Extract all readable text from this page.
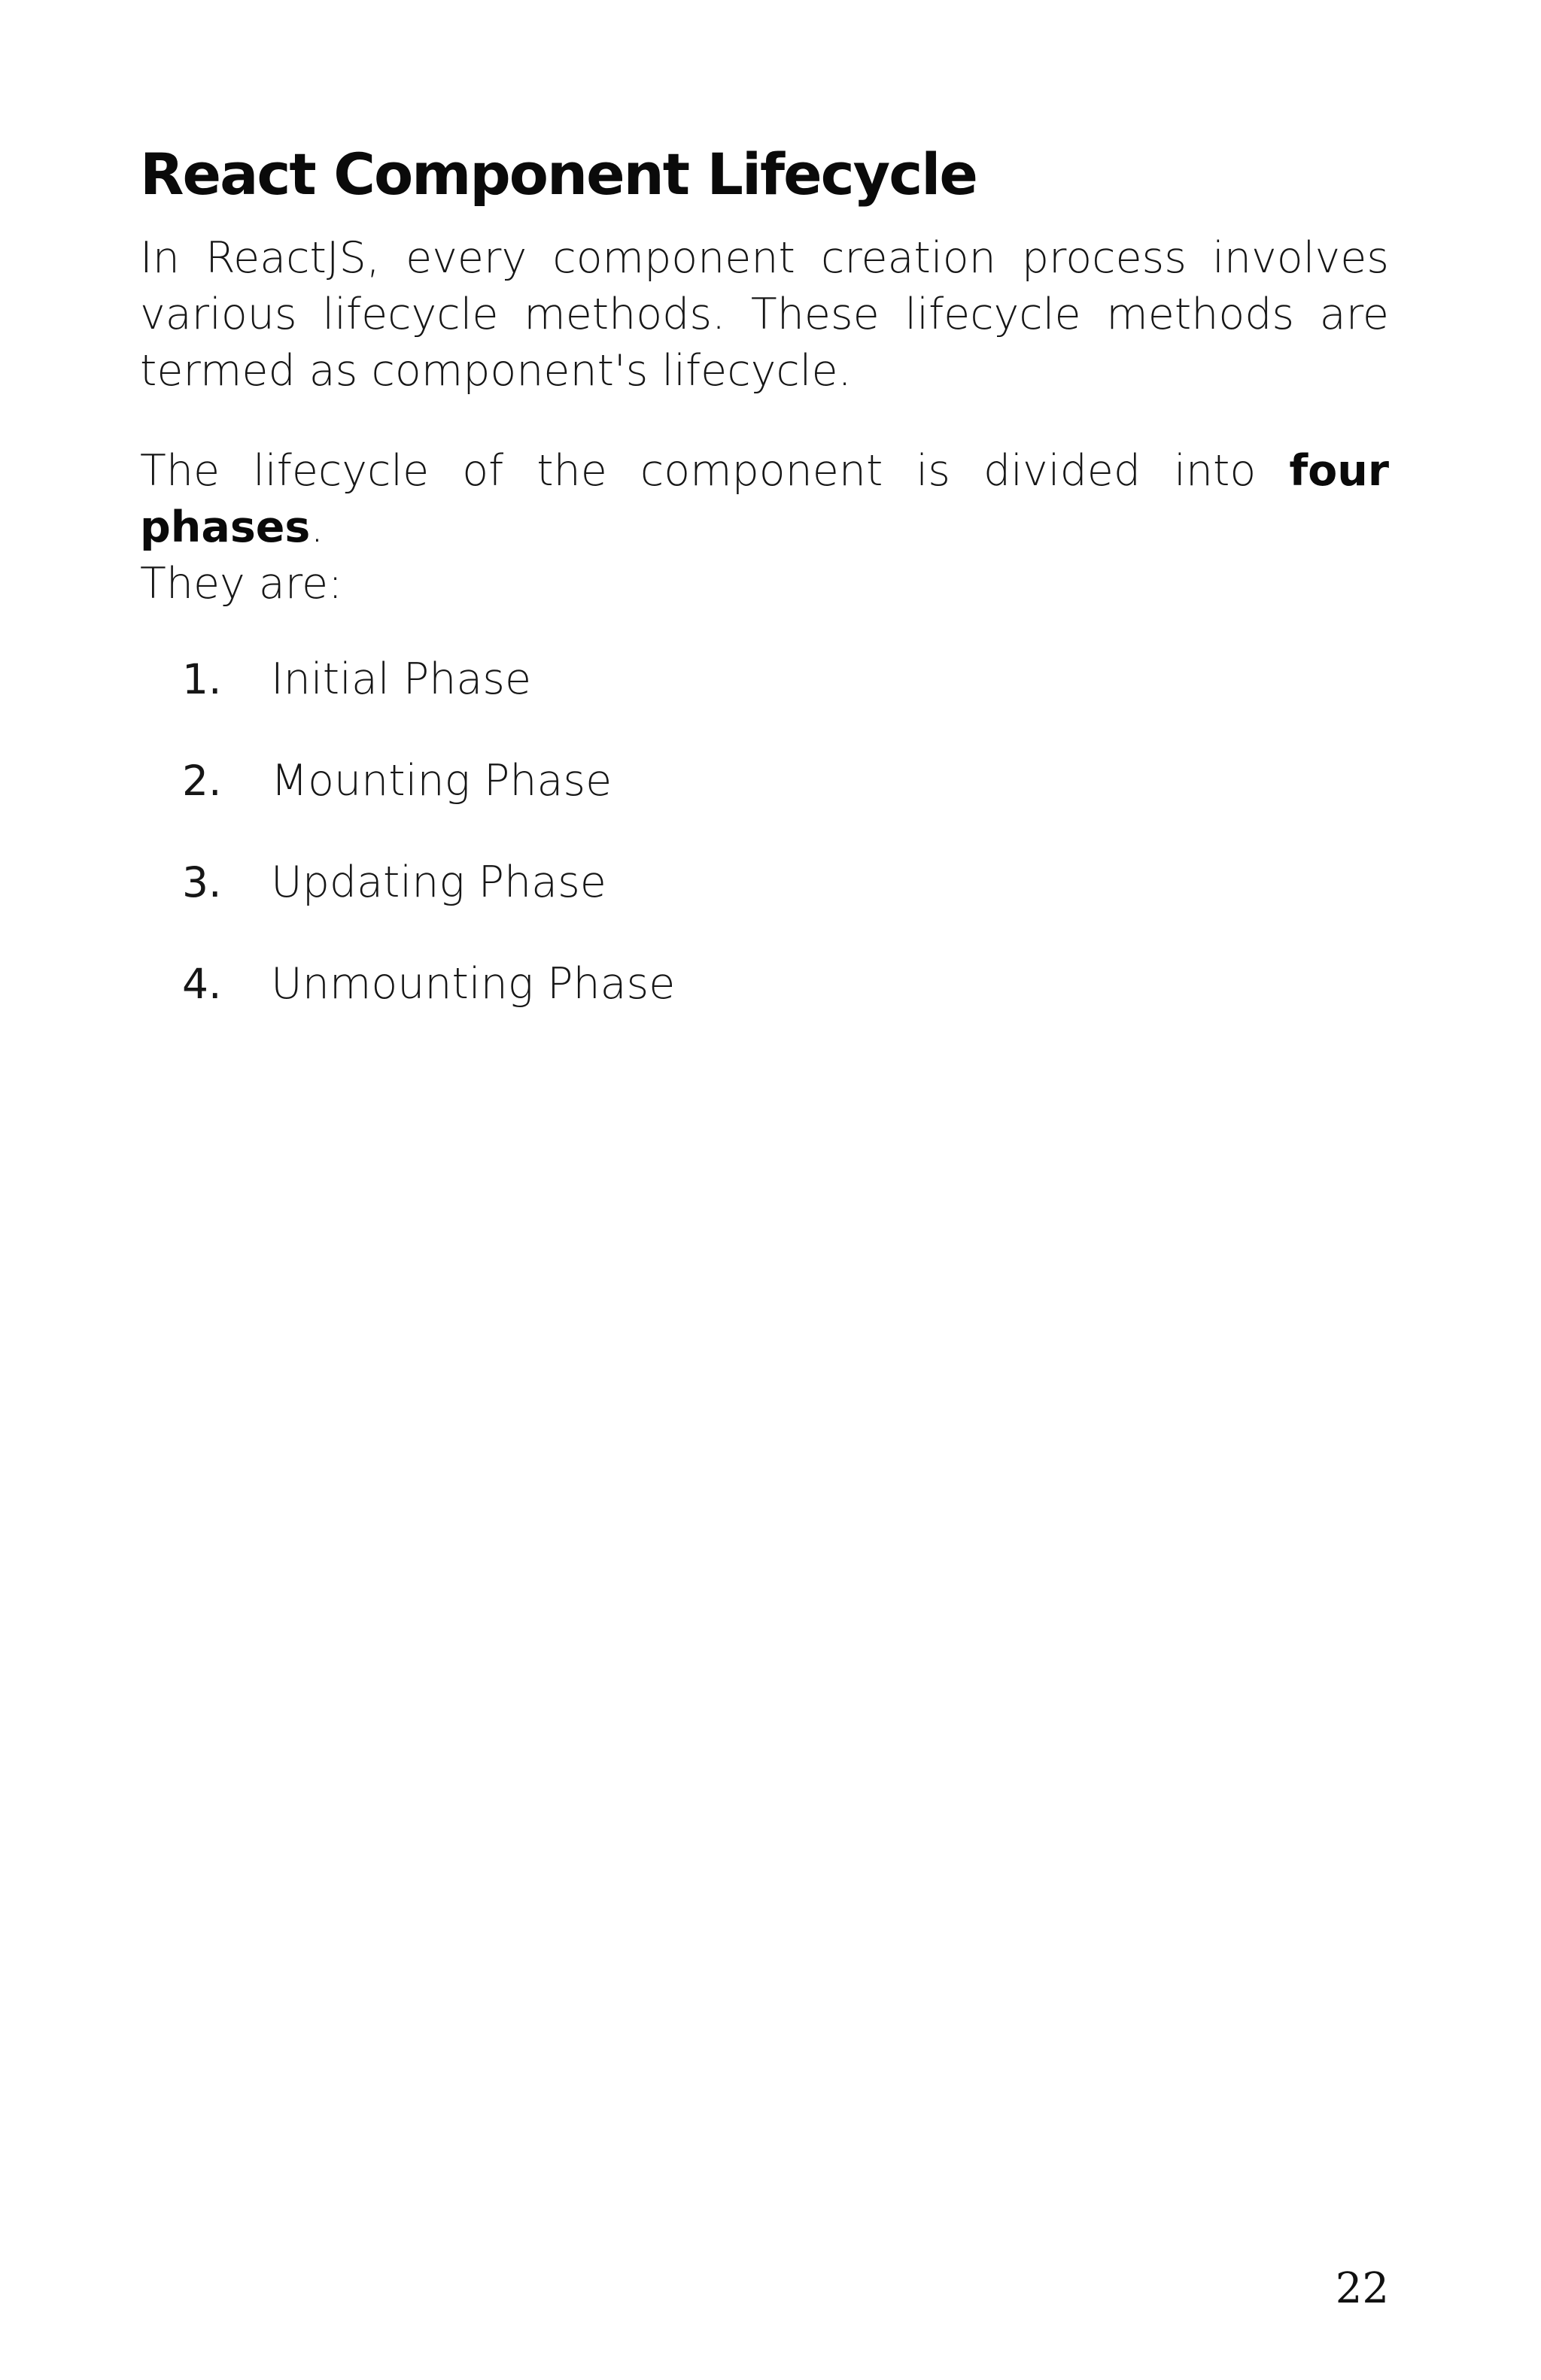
React Component Lifecycle

In ReactJS, every component creation process involves various lifecycle methods. These lifecycle methods are termed as component's lifecycle.

The lifecycle of the component is divided into four phases.
They are:

1.	Initial Phase
2.	Mounting Phase
3.	Updating Phase
4.	Unmounting Phase
22
